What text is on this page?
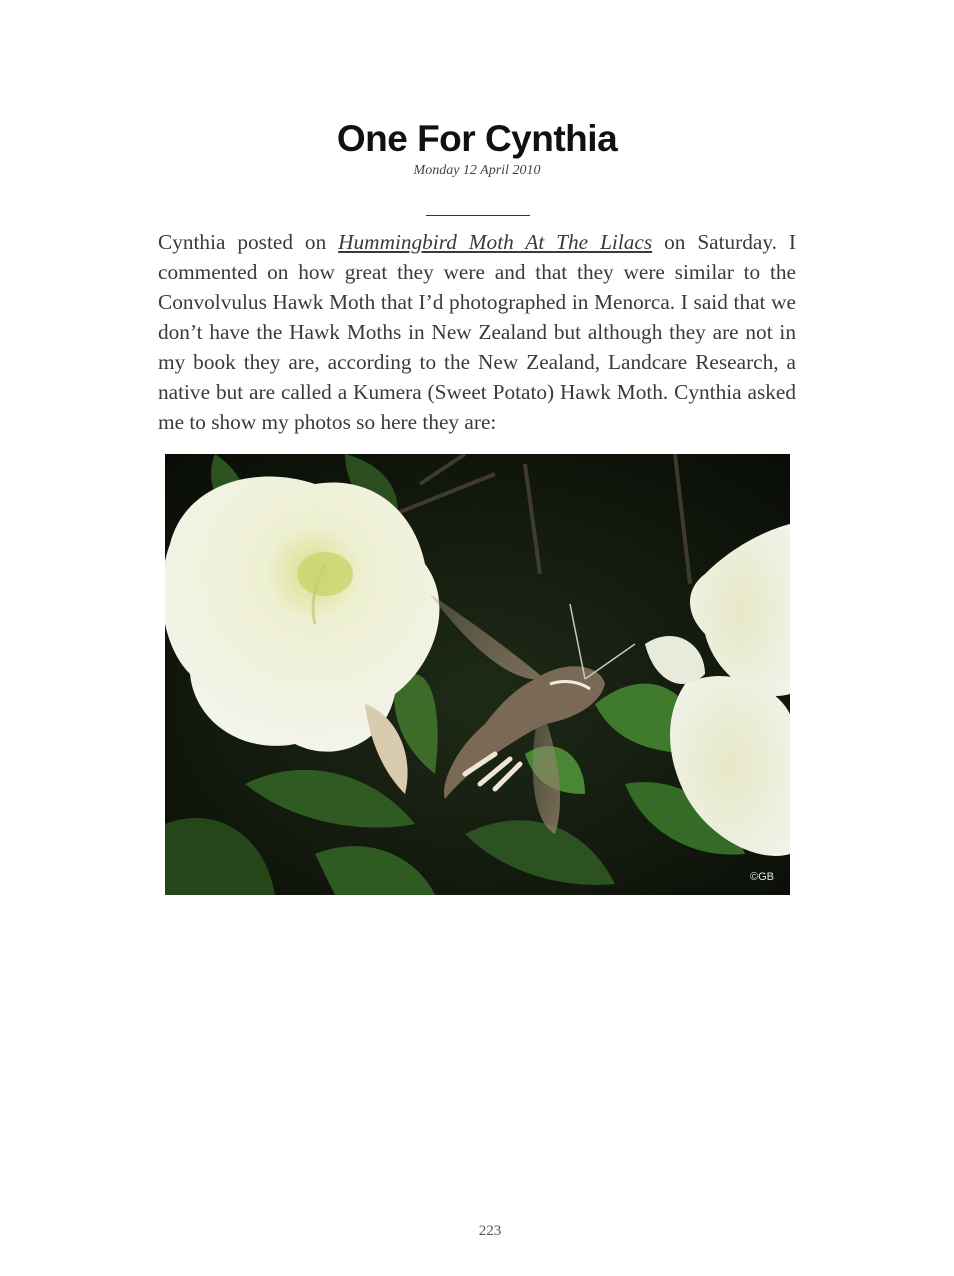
One For Cynthia
Monday 12 April 2010

Cynthia posted on Hummingbird Moth At The Lilacs on Saturday. I commented on how great they were and that they were similar to the Convolvulus Hawk Moth that I’d photographed in Menorca. I said that we don’t have the Hawk Moths in New Zealand but although they are not in my book they are, according to the New Zealand, Landcare Research, a native but are called a Kumera (Sweet Potato) Hawk Moth. Cynthia asked me to show my photos so here they are:

©GB
223
